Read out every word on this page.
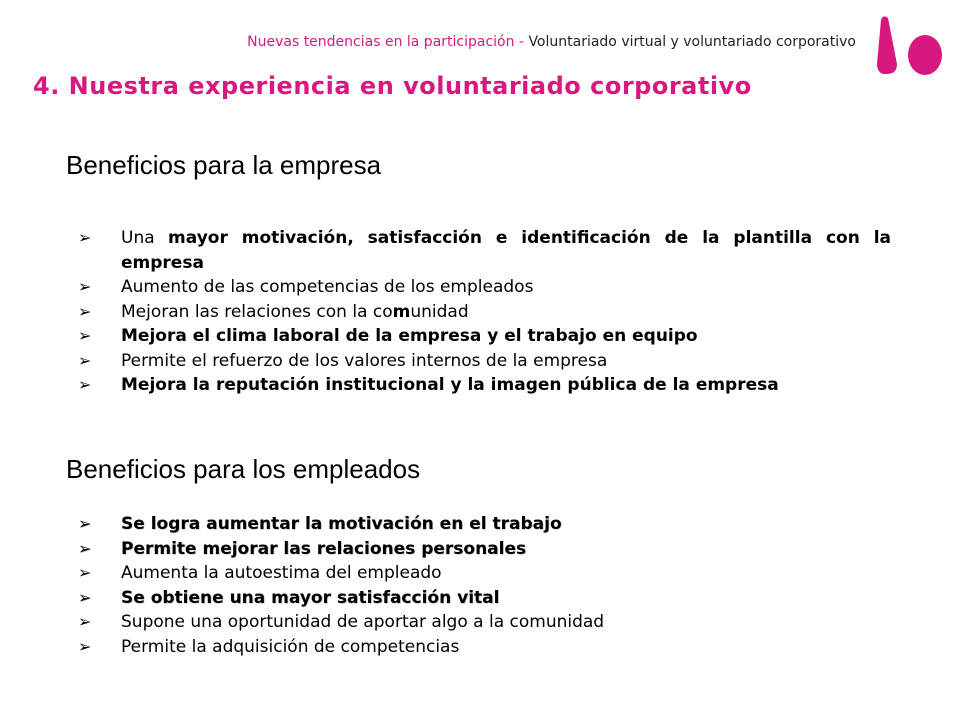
Nuevas tendencias en la participación - Voluntariado virtual y voluntariado corporativo
4. Nuestra experiencia en voluntariado corporativo
Beneficios para la empresa
➢ Una mayor motivación, satisfacción e identificación de la plantilla con la empresa
➢ Aumento de las competencias de los empleados
➢ Mejoran las relaciones con la comunidad
➢ Mejora el clima laboral de la empresa y el trabajo en equipo
➢ Permite el refuerzo de los valores internos de la empresa
➢ Mejora la reputación institucional y la imagen pública de la empresa
Beneficios para los empleados
➢ Se logra aumentar la motivación en el trabajo
➢ Permite mejorar las relaciones personales
➢ Aumenta la autoestima del empleado
➢ Se obtiene una mayor satisfacción vital
➢ Supone una oportunidad de aportar algo a la comunidad
➢ Permite la adquisición de competencias
